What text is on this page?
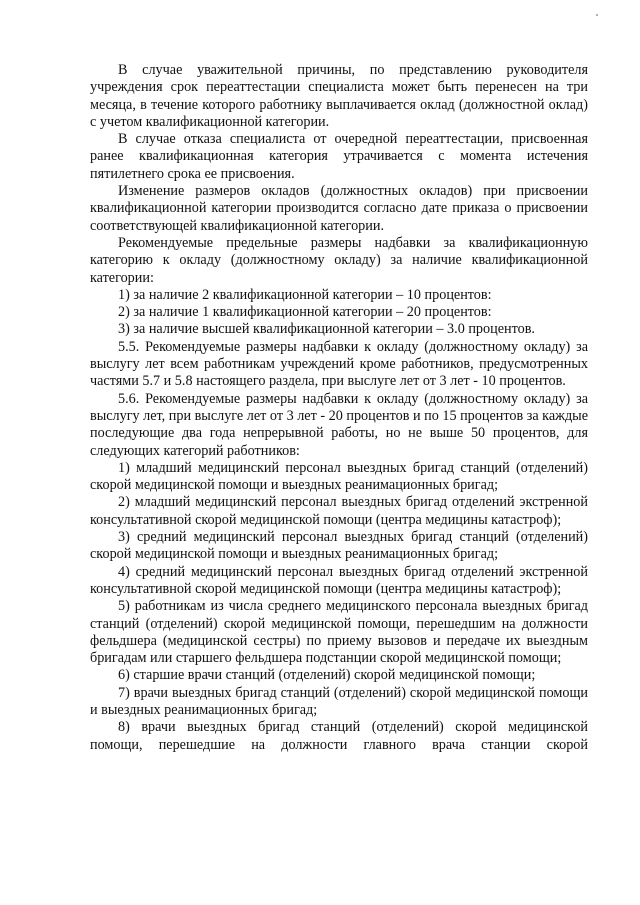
В случае уважительной причины, по представлению руководителя учреждения срок переаттестации специалиста может быть перенесен на три месяца, в течение которого работнику выплачивается оклад (должностной оклад) с учетом квалификационной категории.

В случае отказа специалиста от очередной переаттестации, присвоенная ранее квалификационная категория утрачивается с момента истечения пятилетнего срока ее присвоения.

Изменение размеров окладов (должностных окладов) при присвоении квалификационной категории производится согласно дате приказа о присвоении соответствующей квалификационной категории.

Рекомендуемые предельные размеры надбавки за квалификационную категорию к окладу (должностному окладу) за наличие квалификационной категории:

1) за наличие 2 квалификационной категории – 10 процентов:

2) за наличие 1 квалификационной категории – 20 процентов:

3) за наличие высшей квалификационной категории – 3.0 процентов.

5.5. Рекомендуемые размеры надбавки к окладу (должностному окладу) за выслугу лет всем работникам учреждений кроме работников, предусмотренных частями 5.7 и 5.8 настоящего раздела, при выслуге лет от 3 лет - 10 процентов.

5.6. Рекомендуемые размеры надбавки к окладу (должностному окладу) за выслугу лет, при выслуге лет от 3 лет - 20 процентов и по 15 процентов за каждые последующие два года непрерывной работы, но не выше 50 процентов, для следующих категорий работников:

1) младший медицинский персонал выездных бригад станций (отделений) скорой медицинской помощи и выездных реанимационных бригад;

2) младший медицинский персонал выездных бригад отделений экстренной консультативной скорой медицинской помощи (центра медицины катастроф);

3) средний медицинский персонал выездных бригад станций (отделений) скорой медицинской помощи и выездных реанимационных бригад;

4) средний медицинский персонал выездных бригад отделений экстренной консультативной скорой медицинской помощи (центра медицины катастроф);

5) работникам из числа среднего медицинского персонала выездных бригад станций (отделений) скорой медицинской помощи, перешедшим на должности фельдшера (медицинской сестры) по приему вызовов и передаче их выездным бригадам или старшего фельдшера подстанции скорой медицинской помощи;

6) старшие врачи станций (отделений) скорой медицинской помощи;

7) врачи выездных бригад станций (отделений) скорой медицинской помощи и выездных реанимационных бригад;

8) врачи выездных бригад станций (отделений) скорой медицинской помощи, перешедшие на должности главного врача станции скорой
